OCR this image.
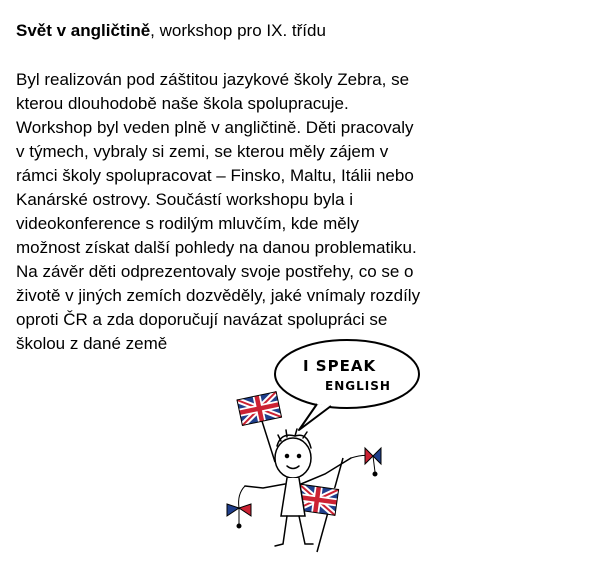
Svět v angličtině, workshop pro IX. třídu
Byl realizován pod záštitou jazykové školy Zebra, se
kterou dlouhodobě naše škola spolupracuje.
Workshop byl veden plně v angličtině. Děti pracovaly
v týmech, vybraly si zemi, se kterou měly zájem v
rámci školy spolupracovat – Finsko, Maltu, Itálii nebo
Kanárské ostrovy. Součástí workshopu byla i
videokonference s rodilým mluvčím, kde měly
možnost získat další pohledy na danou problematiku.
Na závěr děti odprezentovaly svoje postřehy, co se o
životě v jiných zemích dozvěděly, jaké vnímaly rozdíly
oproti ČR a zda doporučují navázat spolupráci se
školou z dané země
I SPEAK
ENGLISH
